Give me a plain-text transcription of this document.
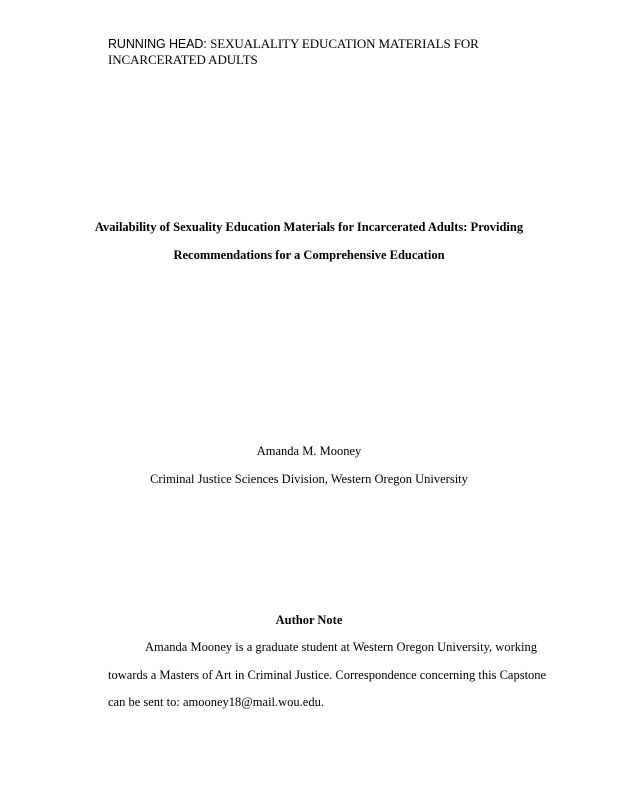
RUNNING HEAD: SEXUALALITY EDUCATION MATERIALS FOR INCARCERATED ADULTS
Availability of Sexuality Education Materials for Incarcerated Adults: Providing
Recommendations for a Comprehensive Education
Amanda M. Mooney
Criminal Justice Sciences Division, Western Oregon University
Author Note
Amanda Mooney is a graduate student at Western Oregon University, working
towards a Masters of Art in Criminal Justice. Correspondence concerning this Capstone
can be sent to: amooney18@mail.wou.edu.
